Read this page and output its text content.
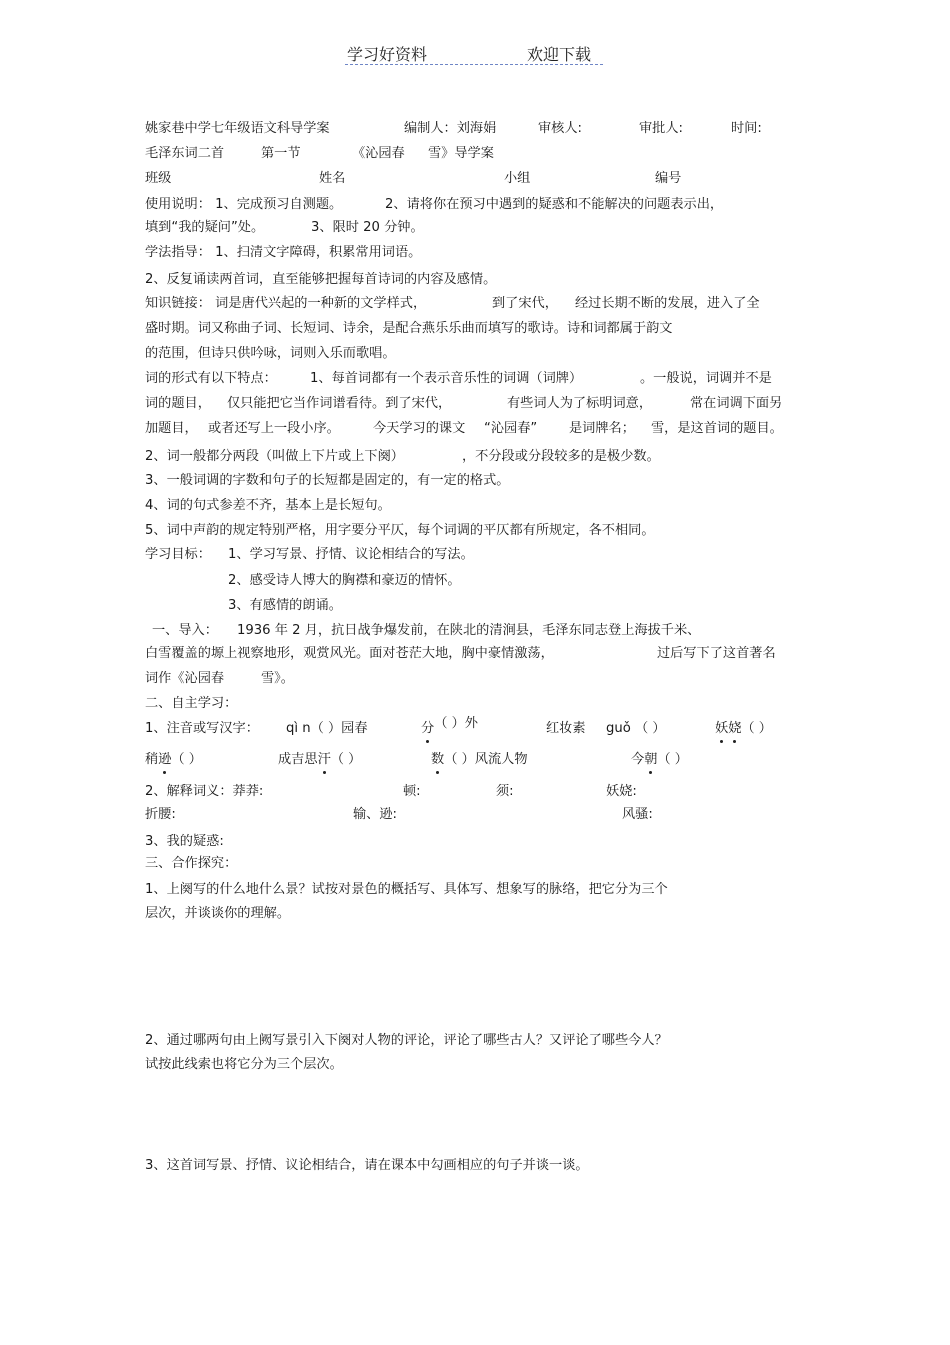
学习好资料	欢迎下载
姚家巷中学七年级语文科导学案	编制人：刘海娟	审核人:	审批人:	时间:
毛泽东词二首	第一节	《沁园春 雪》导学案
班级	姓名	小组	编号
使用说明： 1、完成预习自测题。	2、请将你在预习中遇到的疑惑和不能解决的问题表示出，
填到“我的疑问”处。	3、限时 20 分钟。
学法指导： 1、扫清文字障碍，积累常用词语。
2、反复诵读两首词，直至能够把握每首诗词的内容及感情。
知识链接： 词是唐代兴起的一种新的文学样式，	到了宋代， 经过长期不断的发展，进入了全
盛时期。词又称曲子词、长短词、诗余，是配合燕乐乐曲而填写的歌诗。诗和词都属于韵文
的范围，但诗只供吟咏，词则入乐而歌唱。
词的形式有以下特点：	1、每首词都有一个表示音乐性的词调（词牌）	。一般说，词调并不是
词的题目， 仅只能把它当作词谱看待。到了宋代，	有些词人为了标明词意，	常在词调下面另
加题目， 或者还写上一段小序。	今天学习的课文 “沁园春” 是词牌名； 雪，是这首词的题目。
2、词一般都分两段（叫做上下片或上下阕）	，不分段或分段较多的是极少数。
3、一般词调的字数和句子的长短都是固定的，有一定的格式。
4、词的句式参差不齐，基本上是长短句。
5、词中声韵的规定特别严格，用字要分平仄，每个词调的平仄都有所规定，各不相同。
学习目标： 1、学习写景、抒情、议论相结合的写法。
2、感受诗人博大的胸襟和豪迈的情怀。
3、有感情的朗诵。
一、导入： 1936 年 2 月，抗日战争爆发前，在陕北的清涧县，毛泽东同志登上海拔千米、
白雪覆盖的塬上视察地形，观赏风光。面对苍茫大地，胸中豪情激荡，	过后写下了这首著名
词作《沁园春	雪》。
二、自主学习：
1、注音或写汉字： qì n（ ）园春	分（ ）外	红妆素 guǒ （ ）	妖娆（ ）
稍逊（ ）	成吉思汗（ ）	数（ ）风流人物	今朝（ ）
2、解释词义：莽莽:	顿:	须:	妖娆:
折腰:	输、逊:	风骚:
3、我的疑惑:
三、合作探究：
1、上阕写的什么地什么景？试按对景色的概括写、具体写、想象写的脉络，把它分为三个
层次，并谈谈你的理解。
2、通过哪两句由上阙写景引入下阕对人物的评论，评论了哪些古人？又评论了哪些今人？
试按此线索也将它分为三个层次。
3、这首词写景、抒情、议论相结合，请在课本中勾画相应的句子并谈一谈。
